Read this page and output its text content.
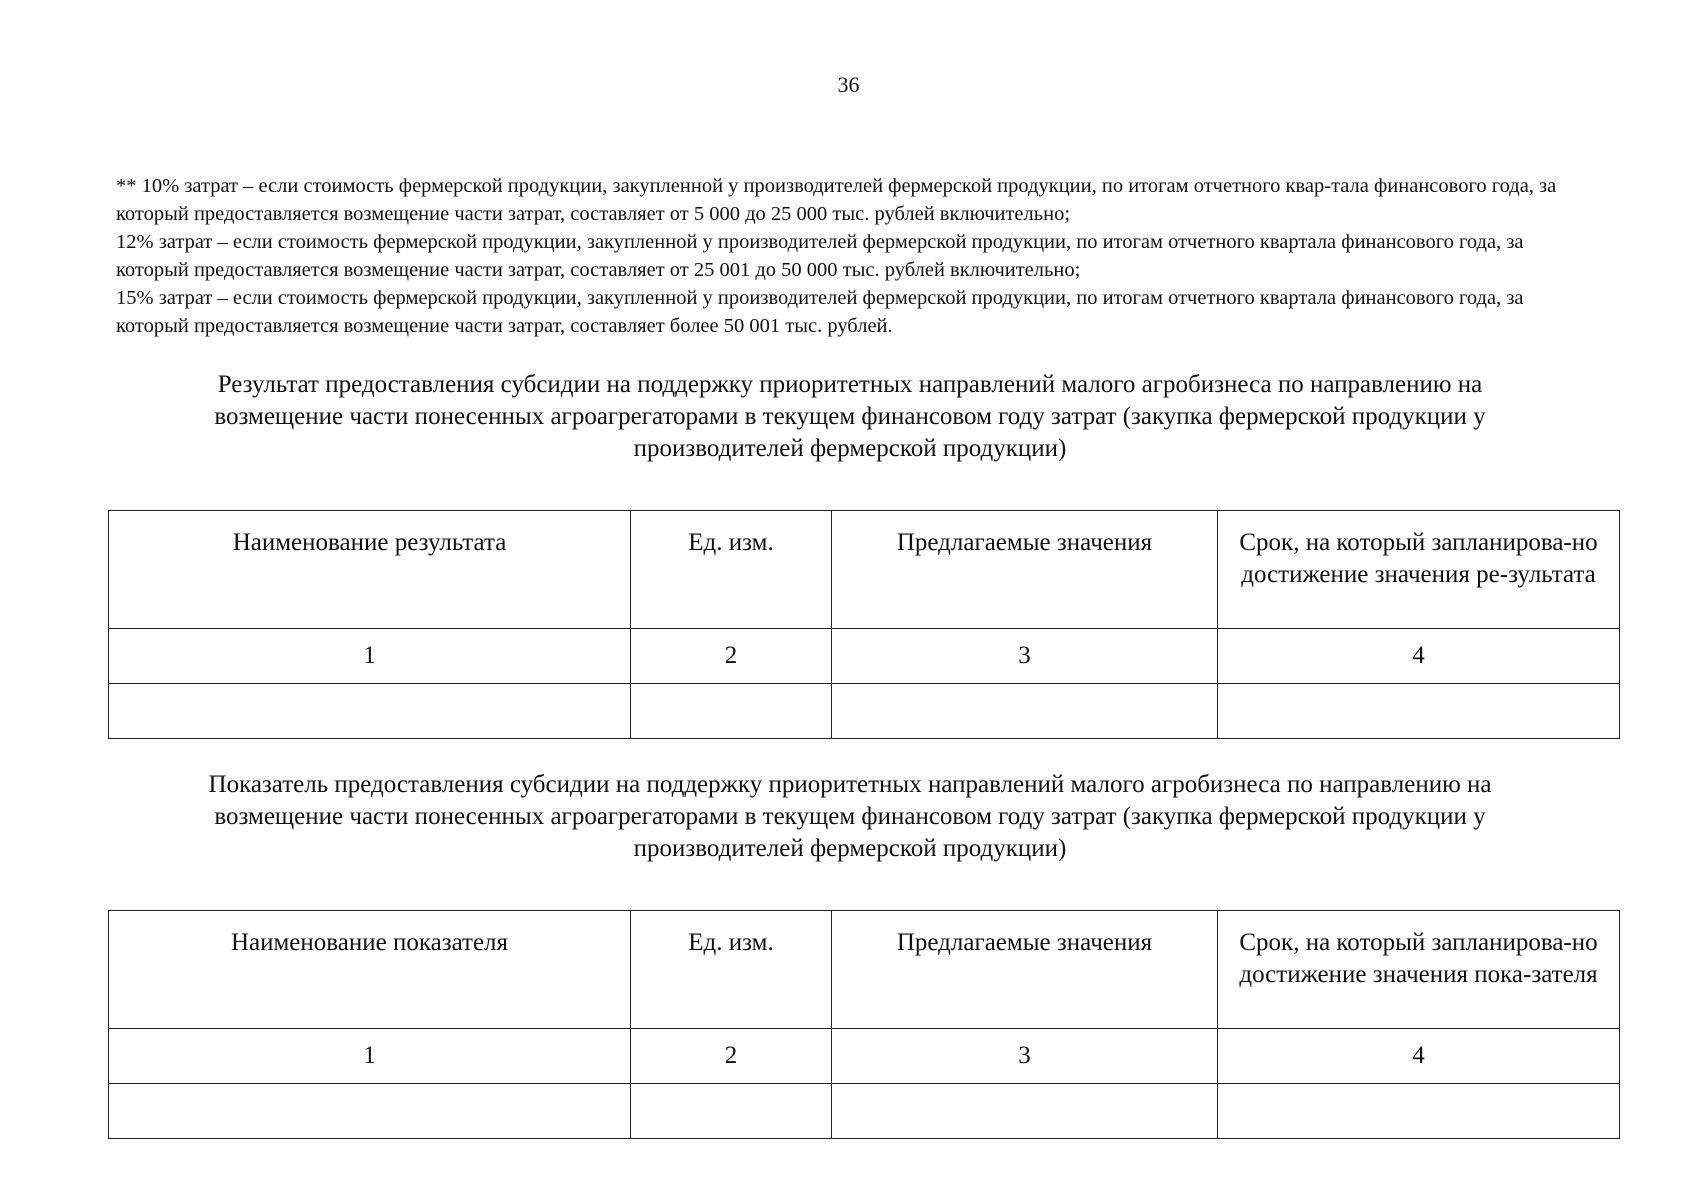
36

** 10% затрат – если стоимость фермерской продукции, закупленной у производителей фермерской продукции, по итогам отчетного квар-тала финансового года, за который предоставляется возмещение части затрат, составляет от 5 000 до 25 000 тыс. рублей включительно;

12% затрат – если стоимость фермерской продукции, закупленной у производителей фермерской продукции, по итогам отчетного квартала финансового года, за который предоставляется возмещение части затрат, составляет от 25 001 до 50 000 тыс. рублей включительно;

15% затрат – если стоимость фермерской продукции, закупленной у производителей фермерской продукции, по итогам отчетного квартала финансового года, за который предоставляется возмещение части затрат, составляет более 50 001 тыс. рублей.

Результат предоставления субсидии на поддержку приоритетных направлений малого агробизнеса по направлению на
возмещение части понесенных агроагрегаторами в текущем финансовом году затрат (закупка фермерской продукции у
производителей фермерской продукции)
Наименование результата	Ед. изм.	Предлагаемые значения	Срок, на который запланирова-но достижение значения ре-зультата
1	2	3	4

Показатель предоставления субсидии на поддержку приоритетных направлений малого агробизнеса по направлению на
возмещение части понесенных агроагрегаторами в текущем финансовом году затрат (закупка фермерской продукции у
производителей фермерской продукции)
Наименование показателя	Ед. изм.	Предлагаемые значения	Срок, на который запланирова-но достижение значения пока-зателя
1	2	3	4
